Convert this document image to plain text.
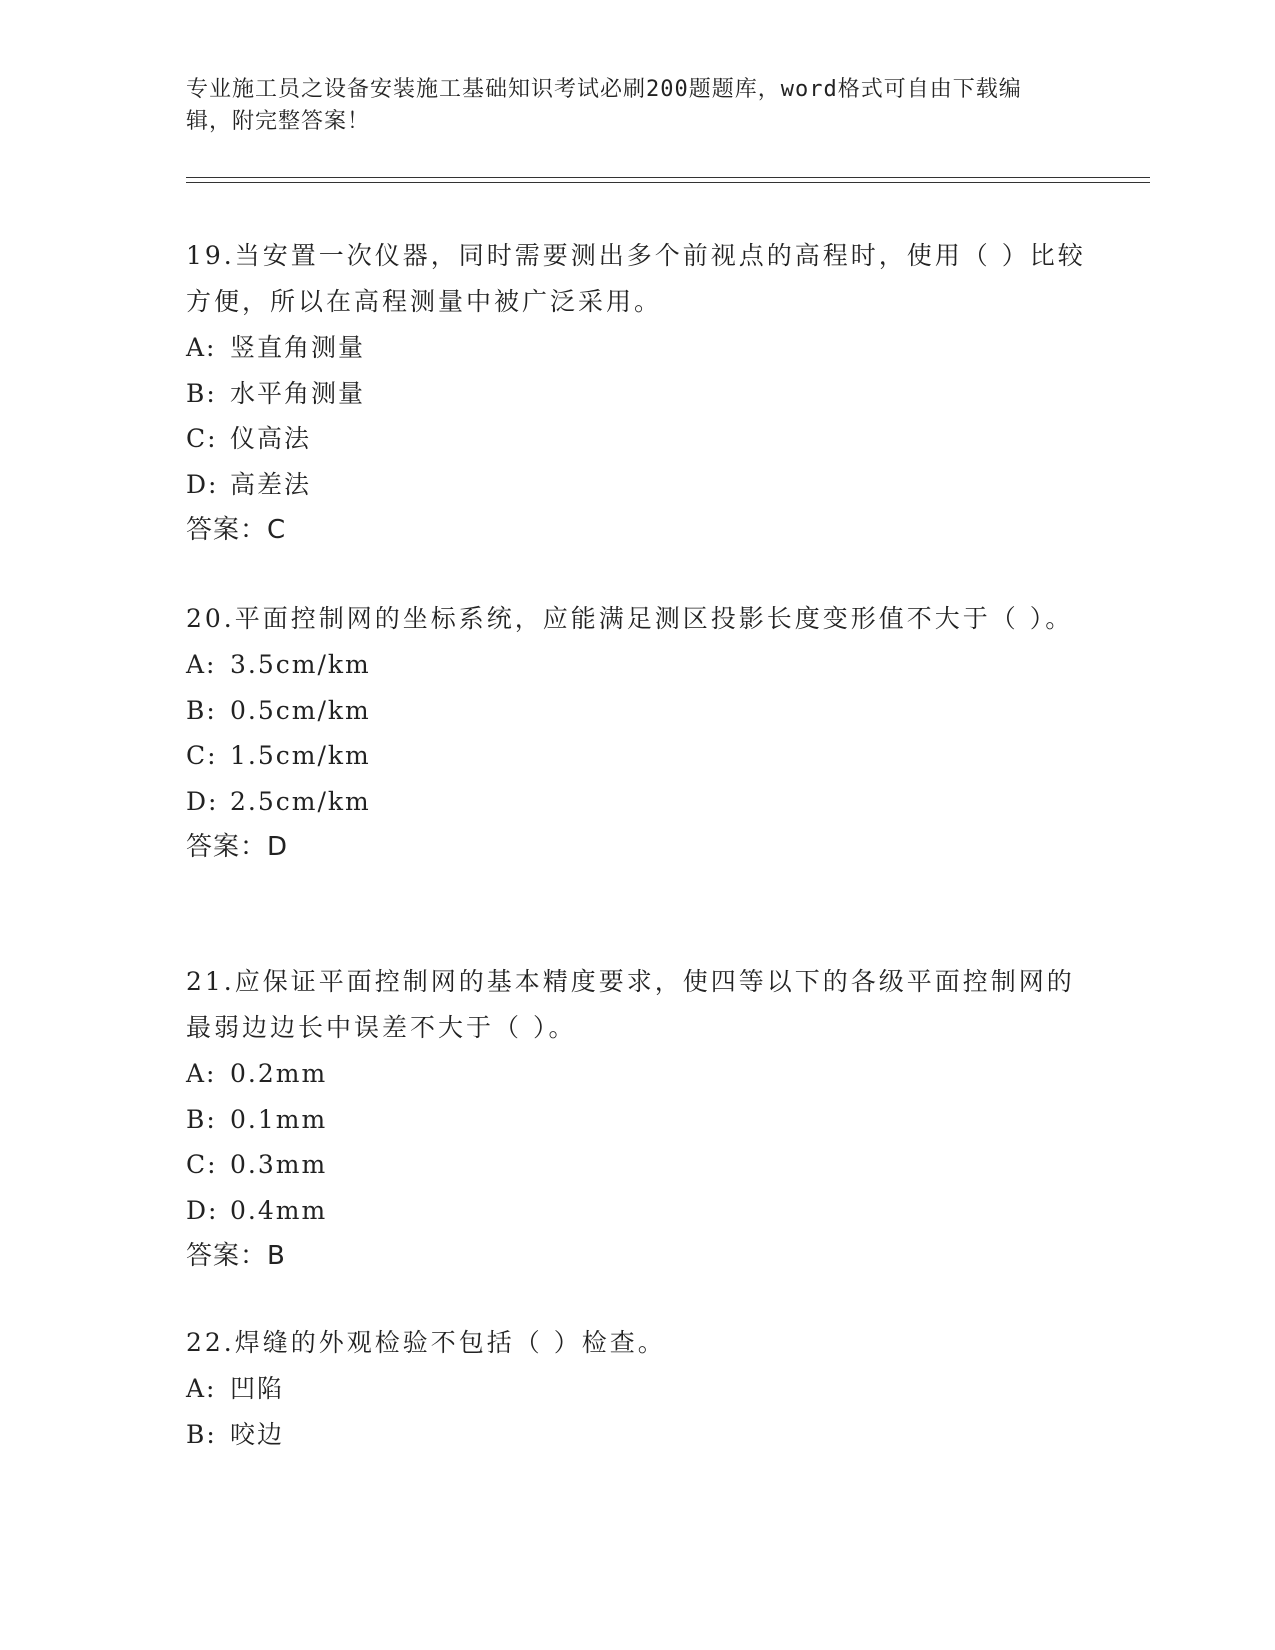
专业施工员之设备安装施工基础知识考试必刷200题题库，word格式可自由下载编辑，附完整答案！

19.当安置一次仪器，同时需要测出多个前视点的高程时，使用（ ）比较方便，所以在高程测量中被广泛采用。

A: 竖直角测量
B: 水平角测量
C: 仪高法
D: 高差法
答案：C

20.平面控制网的坐标系统，应能满足测区投影长度变形值不大于（ ）。

A: 3.5cm/km
B: 0.5cm/km
C: 1.5cm/km
D: 2.5cm/km
答案：D

21.应保证平面控制网的基本精度要求，使四等以下的各级平面控制网的最弱边边长中误差不大于（ ）。

A: 0.2mm
B: 0.1mm
C: 0.3mm
D: 0.4mm
答案：B

22.焊缝的外观检验不包括（ ）检查。

A: 凹陷
B: 咬边
